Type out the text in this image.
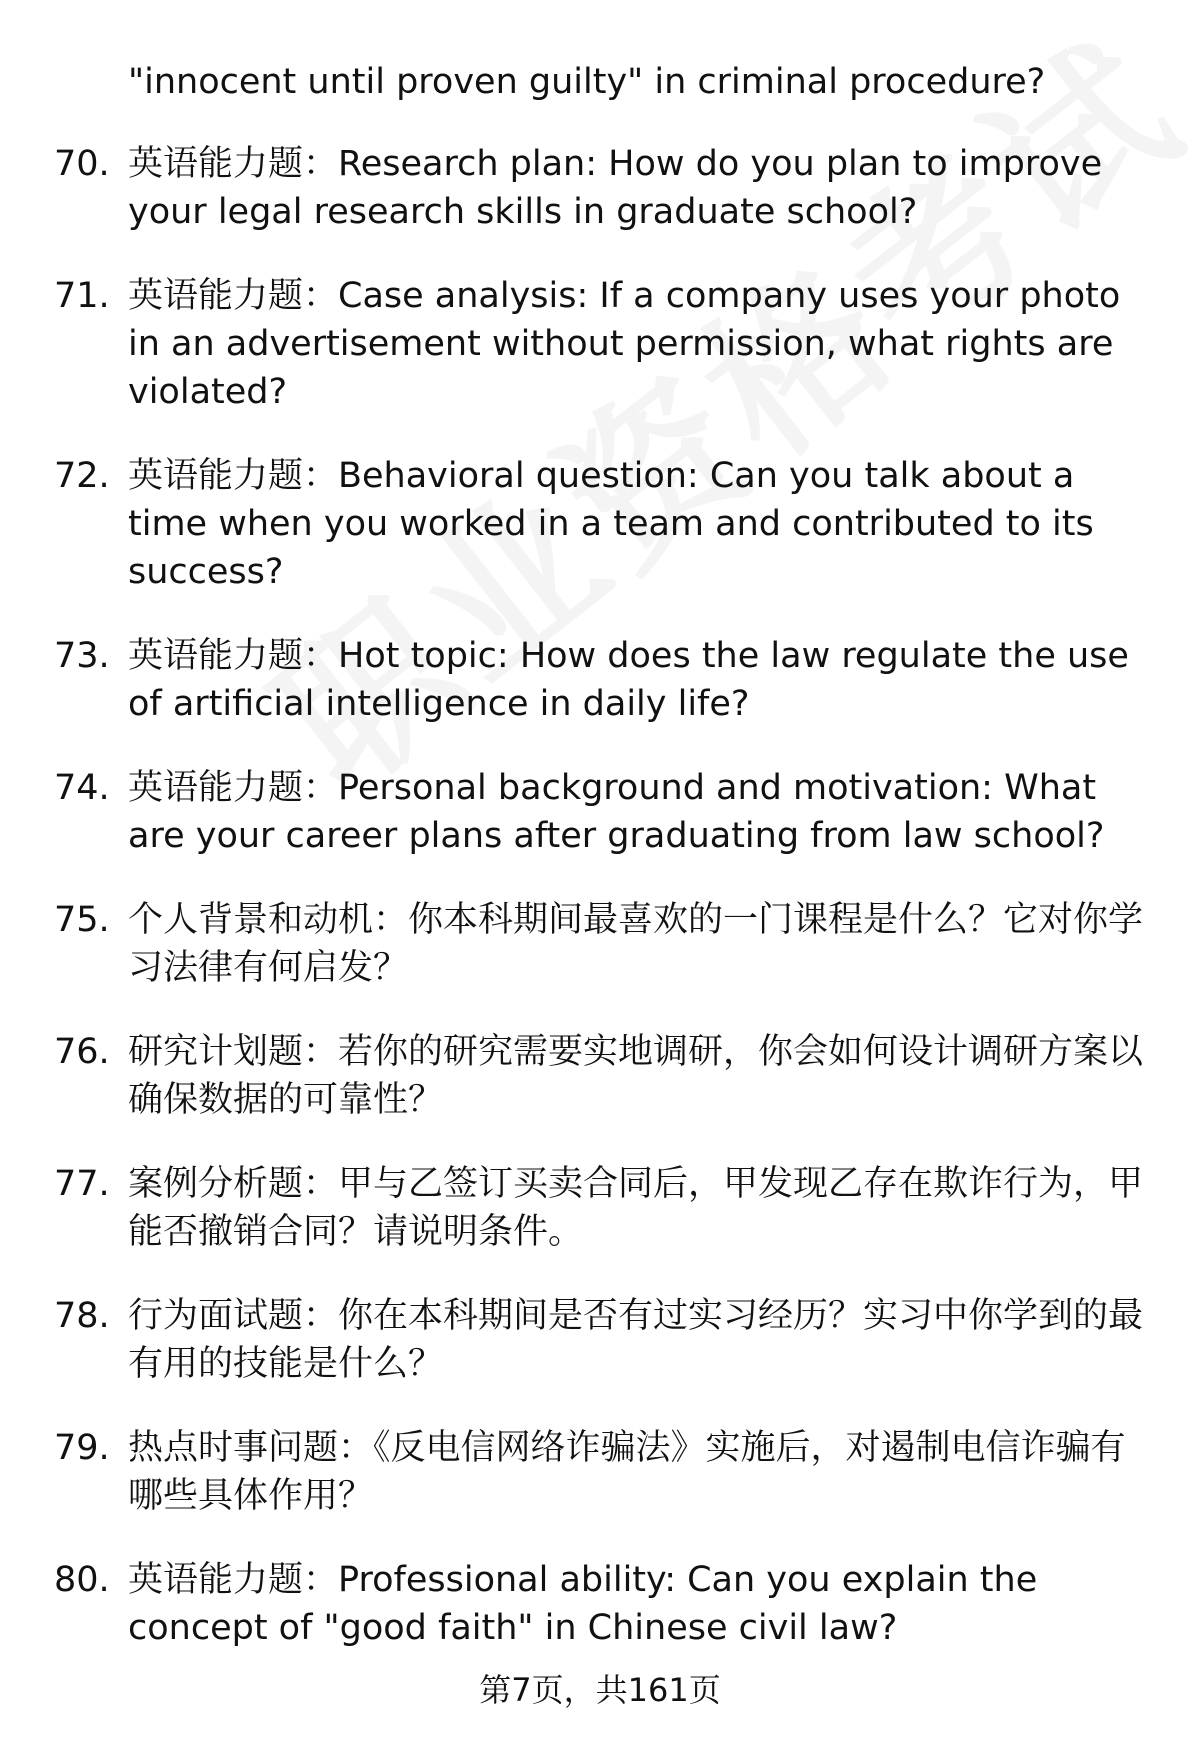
"innocent until proven guilty" in criminal procedure?
70. 英语能力题：Research plan: How do you plan to improve your legal research skills in graduate school?
71. 英语能力题：Case analysis: If a company uses your photo in an advertisement without permission, what rights are violated?
72. 英语能力题：Behavioral question: Can you talk about a time when you worked in a team and contributed to its success?
73. 英语能力题：Hot topic: How does the law regulate the use of artificial intelligence in daily life?
74. 英语能力题：Personal background and motivation: What are your career plans after graduating from law school?
75. 个人背景和动机：你本科期间最喜欢的一门课程是什么？它对你学习法律有何启发？
76. 研究计划题：若你的研究需要实地调研，你会如何设计调研方案以确保数据的可靠性？
77. 案例分析题：甲与乙签订买卖合同后，甲发现乙存在欺诈行为，甲能否撤销合同？请说明条件。
78. 行为面试题：你在本科期间是否有过实习经历？实习中你学到的最有用的技能是什么？
79. 热点时事问题：《反电信网络诈骗法》实施后，对遏制电信诈骗有哪些具体作用？
80. 英语能力题：Professional ability: Can you explain the concept of "good faith" in Chinese civil law?
第7页，共161页
